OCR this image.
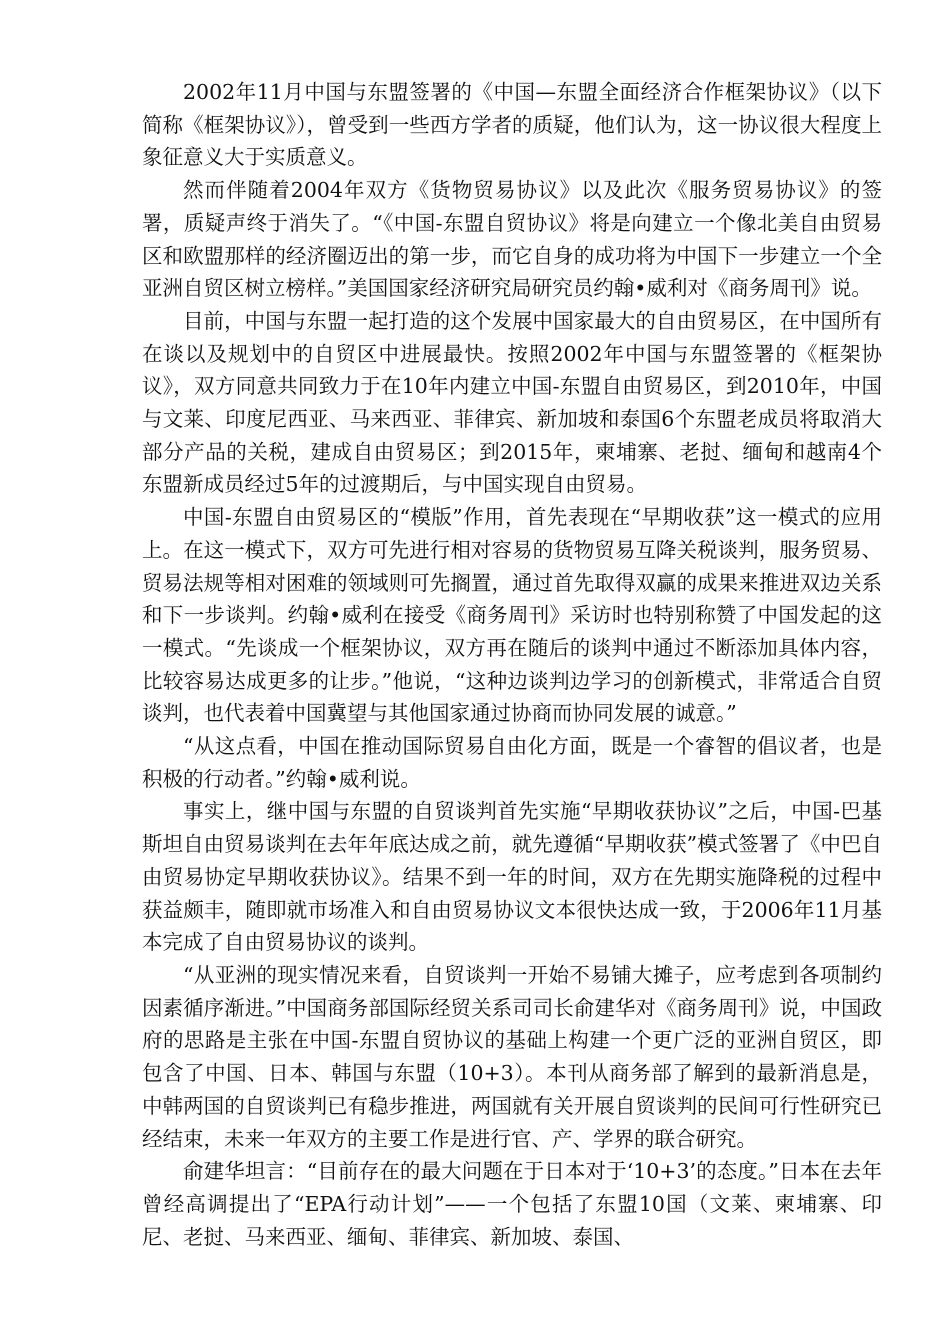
2002年11月中国与东盟签署的《中国—东盟全面经济合作框架协议》（以下简称《框架协议》），曾受到一些西方学者的质疑，他们认为，这一协议很大程度上象征意义大于实质意义。

然而伴随着2004年双方《货物贸易协议》以及此次《服务贸易协议》的签署，质疑声终于消失了。“《中国-东盟自贸协议》将是向建立一个像北美自由贸易区和欧盟那样的经济圈迈出的第一步，而它自身的成功将为中国下一步建立一个全亚洲自贸区树立榜样。”美国国家经济研究局研究员约翰•威利对《商务周刊》说。

目前，中国与东盟一起打造的这个发展中国家最大的自由贸易区，在中国所有在谈以及规划中的自贸区中进展最快。按照2002年中国与东盟签署的《框架协议》，双方同意共同致力于在10年内建立中国-东盟自由贸易区，到2010年，中国与文莱、印度尼西亚、马来西亚、菲律宾、新加坡和泰国6个东盟老成员将取消大部分产品的关税，建成自由贸易区；到2015年，柬埔寨、老挝、缅甸和越南4个东盟新成员经过5年的过渡期后，与中国实现自由贸易。

中国-东盟自由贸易区的“模版”作用，首先表现在“早期收获”这一模式的应用上。在这一模式下，双方可先进行相对容易的货物贸易互降关税谈判，服务贸易、贸易法规等相对困难的领域则可先搁置，通过首先取得双赢的成果来推进双边关系和下一步谈判。约翰•威利在接受《商务周刊》采访时也特别称赞了中国发起的这一模式。“先谈成一个框架协议，双方再在随后的谈判中通过不断添加具体内容，比较容易达成更多的让步。”他说，“这种边谈判边学习的创新模式，非常适合自贸谈判，也代表着中国冀望与其他国家通过协商而协同发展的诚意。”

“从这点看，中国在推动国际贸易自由化方面，既是一个睿智的倡议者，也是积极的行动者。”约翰•威利说。

事实上，继中国与东盟的自贸谈判首先实施“早期收获协议”之后，中国-巴基斯坦自由贸易谈判在去年年底达成之前，就先遵循“早期收获”模式签署了《中巴自由贸易协定早期收获协议》。结果不到一年的时间，双方在先期实施降税的过程中获益颇丰，随即就市场准入和自由贸易协议文本很快达成一致，于2006年11月基本完成了自由贸易协议的谈判。

“从亚洲的现实情况来看，自贸谈判一开始不易铺大摊子，应考虑到各项制约因素循序渐进。”中国商务部国际经贸关系司司长俞建华对《商务周刊》说，中国政府的思路是主张在中国-东盟自贸协议的基础上构建一个更广泛的亚洲自贸区，即包含了中国、日本、韩国与东盟（10+3）。本刊从商务部了解到的最新消息是，中韩两国的自贸谈判已有稳步推进，两国就有关开展自贸谈判的民间可行性研究已经结束，未来一年双方的主要工作是进行官、产、学界的联合研究。

俞建华坦言：“目前存在的最大问题在于日本对于‘10+3’的态度。”日本在去年曾经高调提出了“EPA行动计划”——一个包括了东盟10国（文莱、柬埔寨、印尼、老挝、马来西亚、缅甸、菲律宾、新加坡、泰国、
